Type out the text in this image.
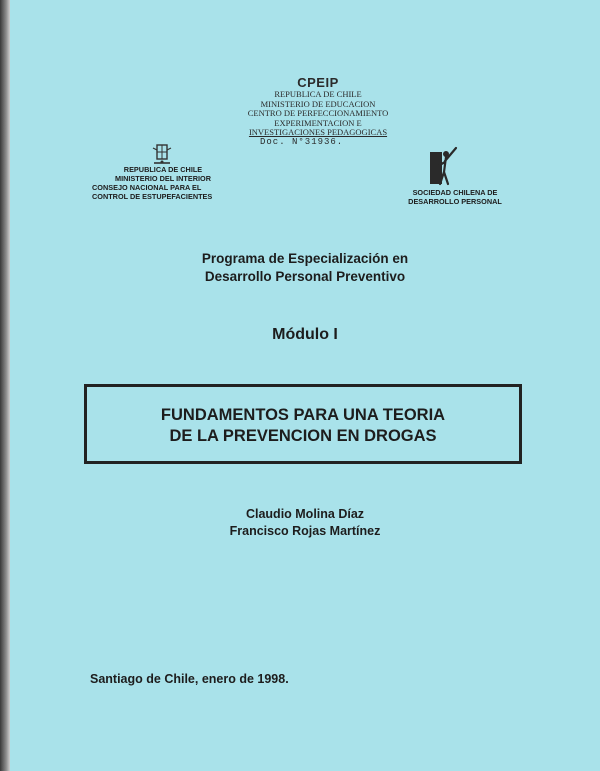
CPEIP
REPUBLICA DE CHILE
MINISTERIO DE EDUCACION
CENTRO DE PERFECCIONAMIENTO
EXPERIMENTACION E
INVESTIGACIONES PEDAGOGICAS
Doc. N°31936.
REPUBLICA DE CHILE
MINISTERIO DEL INTERIOR
CONSEJO NACIONAL PARA EL
CONTROL DE ESTUPEFACIENTES	SOCIEDAD CHILENA DE
DESARROLLO PERSONAL
Programa de Especialización en
Desarrollo Personal Preventivo
Módulo I
FUNDAMENTOS PARA UNA TEORIA
DE LA PREVENCION EN DROGAS
Claudio Molina Díaz
Francisco Rojas Martínez
Santiago de Chile, enero de 1998.
